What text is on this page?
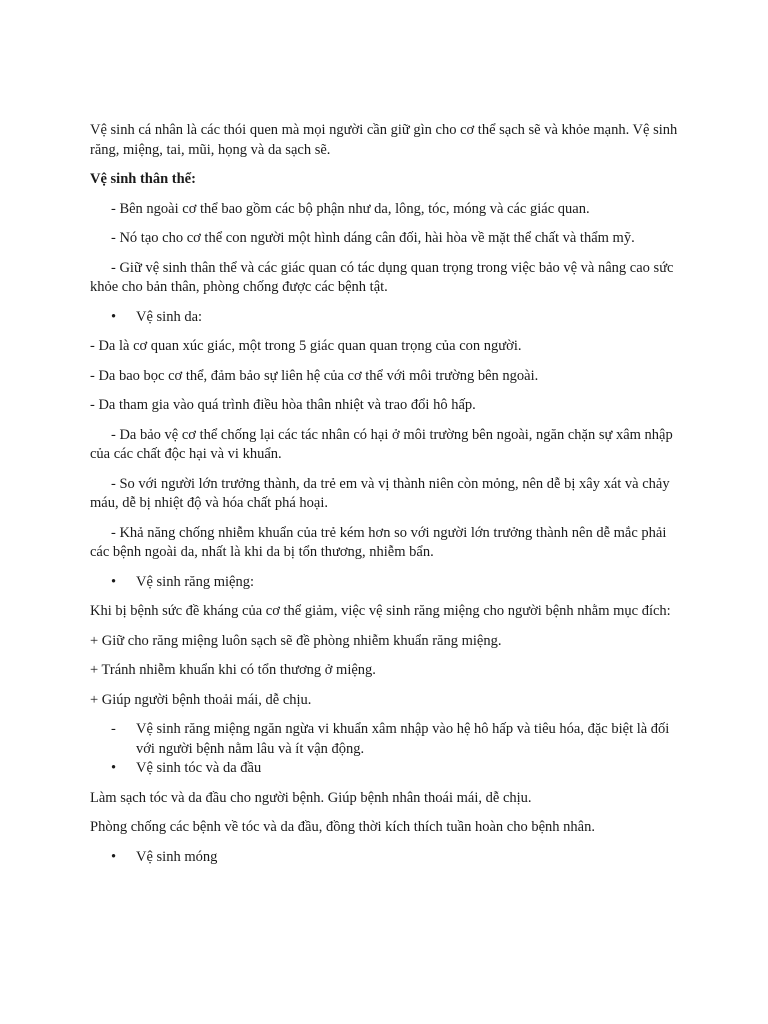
Vệ sinh cá nhân là các thói quen mà mọi người cần giữ gìn cho cơ thể sạch sẽ và khỏe mạnh. Vệ sinh răng, miệng, tai, mũi, họng và da sạch sẽ.

Vệ sinh thân thể:

- Bên ngoài cơ thể bao gồm các bộ phận như da, lông, tóc, móng và các giác quan.

- Nó tạo cho cơ thể con người một hình dáng cân đối, hài hòa về mặt thể chất và thẩm mỹ.

- Giữ vệ sinh thân thể và các giác quan có tác dụng quan trọng trong việc bảo vệ và nâng cao sức khỏe cho bản thân, phòng chống được các bệnh tật.

• Vệ sinh da:

- Da là cơ quan xúc giác, một trong 5 giác quan quan trọng của con người.

- Da bao bọc cơ thể, đảm bảo sự liên hệ của cơ thể với môi trường bên ngoài.

- Da tham gia vào quá trình điều hòa thân nhiệt và trao đổi hô hấp.

- Da bảo vệ cơ thể chống lại các tác nhân có hại ở môi trường bên ngoài, ngăn chặn sự xâm nhập của các chất độc hại và vi khuẩn.

- So với người lớn trưởng thành, da trẻ em và vị thành niên còn mỏng, nên dễ bị xây xát và chảy máu, dễ bị nhiệt độ và hóa chất phá hoại.

- Khả năng chống nhiễm khuẩn của trẻ kém hơn so với người lớn trưởng thành nên dễ mắc phải các bệnh ngoài da, nhất là khi da bị tổn thương, nhiễm bẩn.

• Vệ sinh răng miệng:

Khi bị bệnh sức đề kháng của cơ thể giảm, việc vệ sinh răng miệng cho người bệnh nhằm mục đích:

+ Giữ cho răng miệng luôn sạch sẽ đề phòng nhiễm khuẩn răng miệng.

+ Tránh nhiễm khuẩn khi có tổn thương ở miệng.

+ Giúp người bệnh thoải mái, dễ chịu.

- Vệ sinh răng miệng ngăn ngừa vi khuẩn xâm nhập vào hệ hô hấp và tiêu hóa, đặc biệt là đối với người bệnh nằm lâu và ít vận động.
• Vệ sinh tóc và da đầu

Làm sạch tóc và da đầu cho người bệnh. Giúp bệnh nhân thoái mái, dễ chịu.

Phòng chống các bệnh về tóc và da đầu, đồng thời kích thích tuần hoàn cho bệnh nhân.

• Vệ sinh móng
